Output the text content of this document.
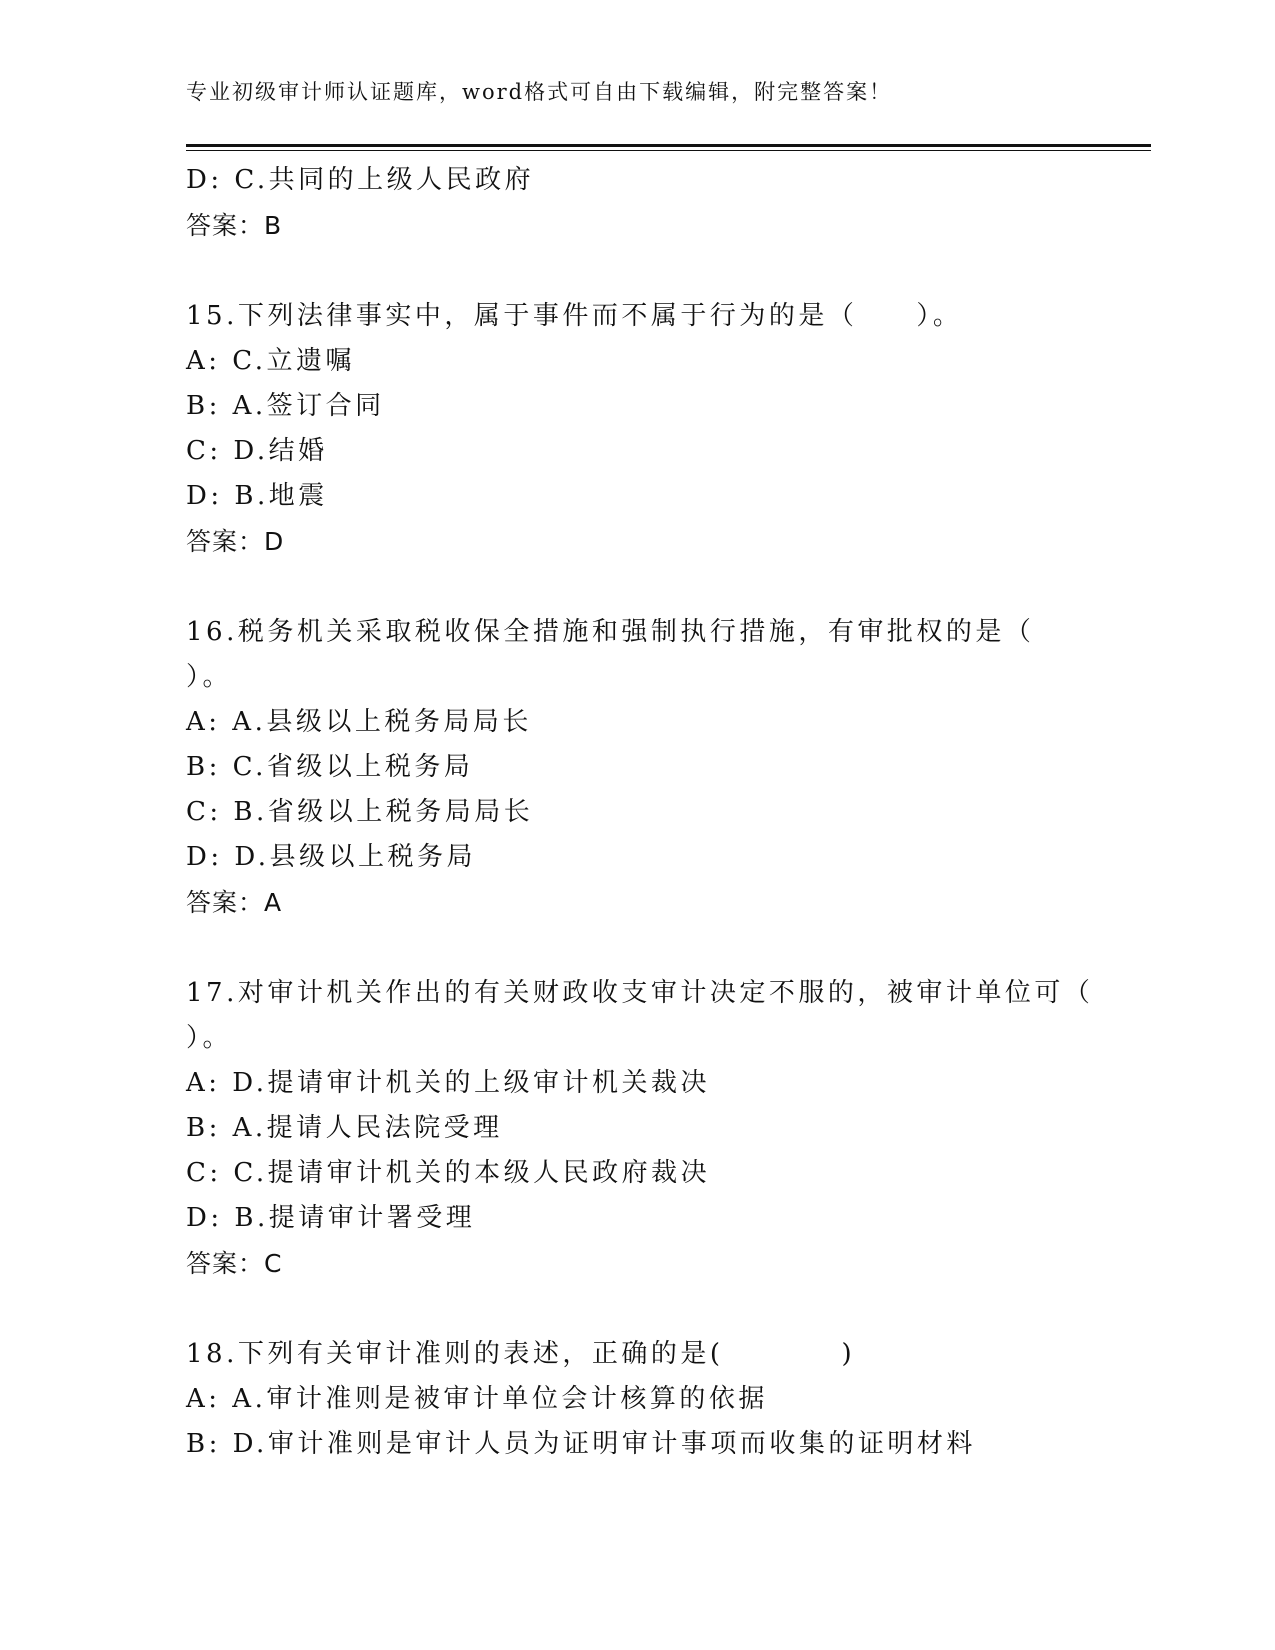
专业初级审计师认证题库，word格式可自由下载编辑，附完整答案！
D: C.共同的上级人民政府
答案：B
15.下列法律事实中，属于事件而不属于行为的是（　　）。
A: C.立遗嘱
B: A.签订合同
C: D.结婚
D: B.地震
答案：D
16.税务机关采取税收保全措施和强制执行措施，有审批权的是（
）。
A: A.县级以上税务局局长
B: C.省级以上税务局
C: B.省级以上税务局局长
D: D.县级以上税务局
答案：A
17.对审计机关作出的有关财政收支审计决定不服的，被审计单位可（
）。
A: D.提请审计机关的上级审计机关裁决
B: A.提请人民法院受理
C: C.提请审计机关的本级人民政府裁决
D: B.提请审计署受理
答案：C
18.下列有关审计准则的表述，正确的是(　　　　)
A: A.审计准则是被审计单位会计核算的依据
B: D.审计准则是审计人员为证明审计事项而收集的证明材料
